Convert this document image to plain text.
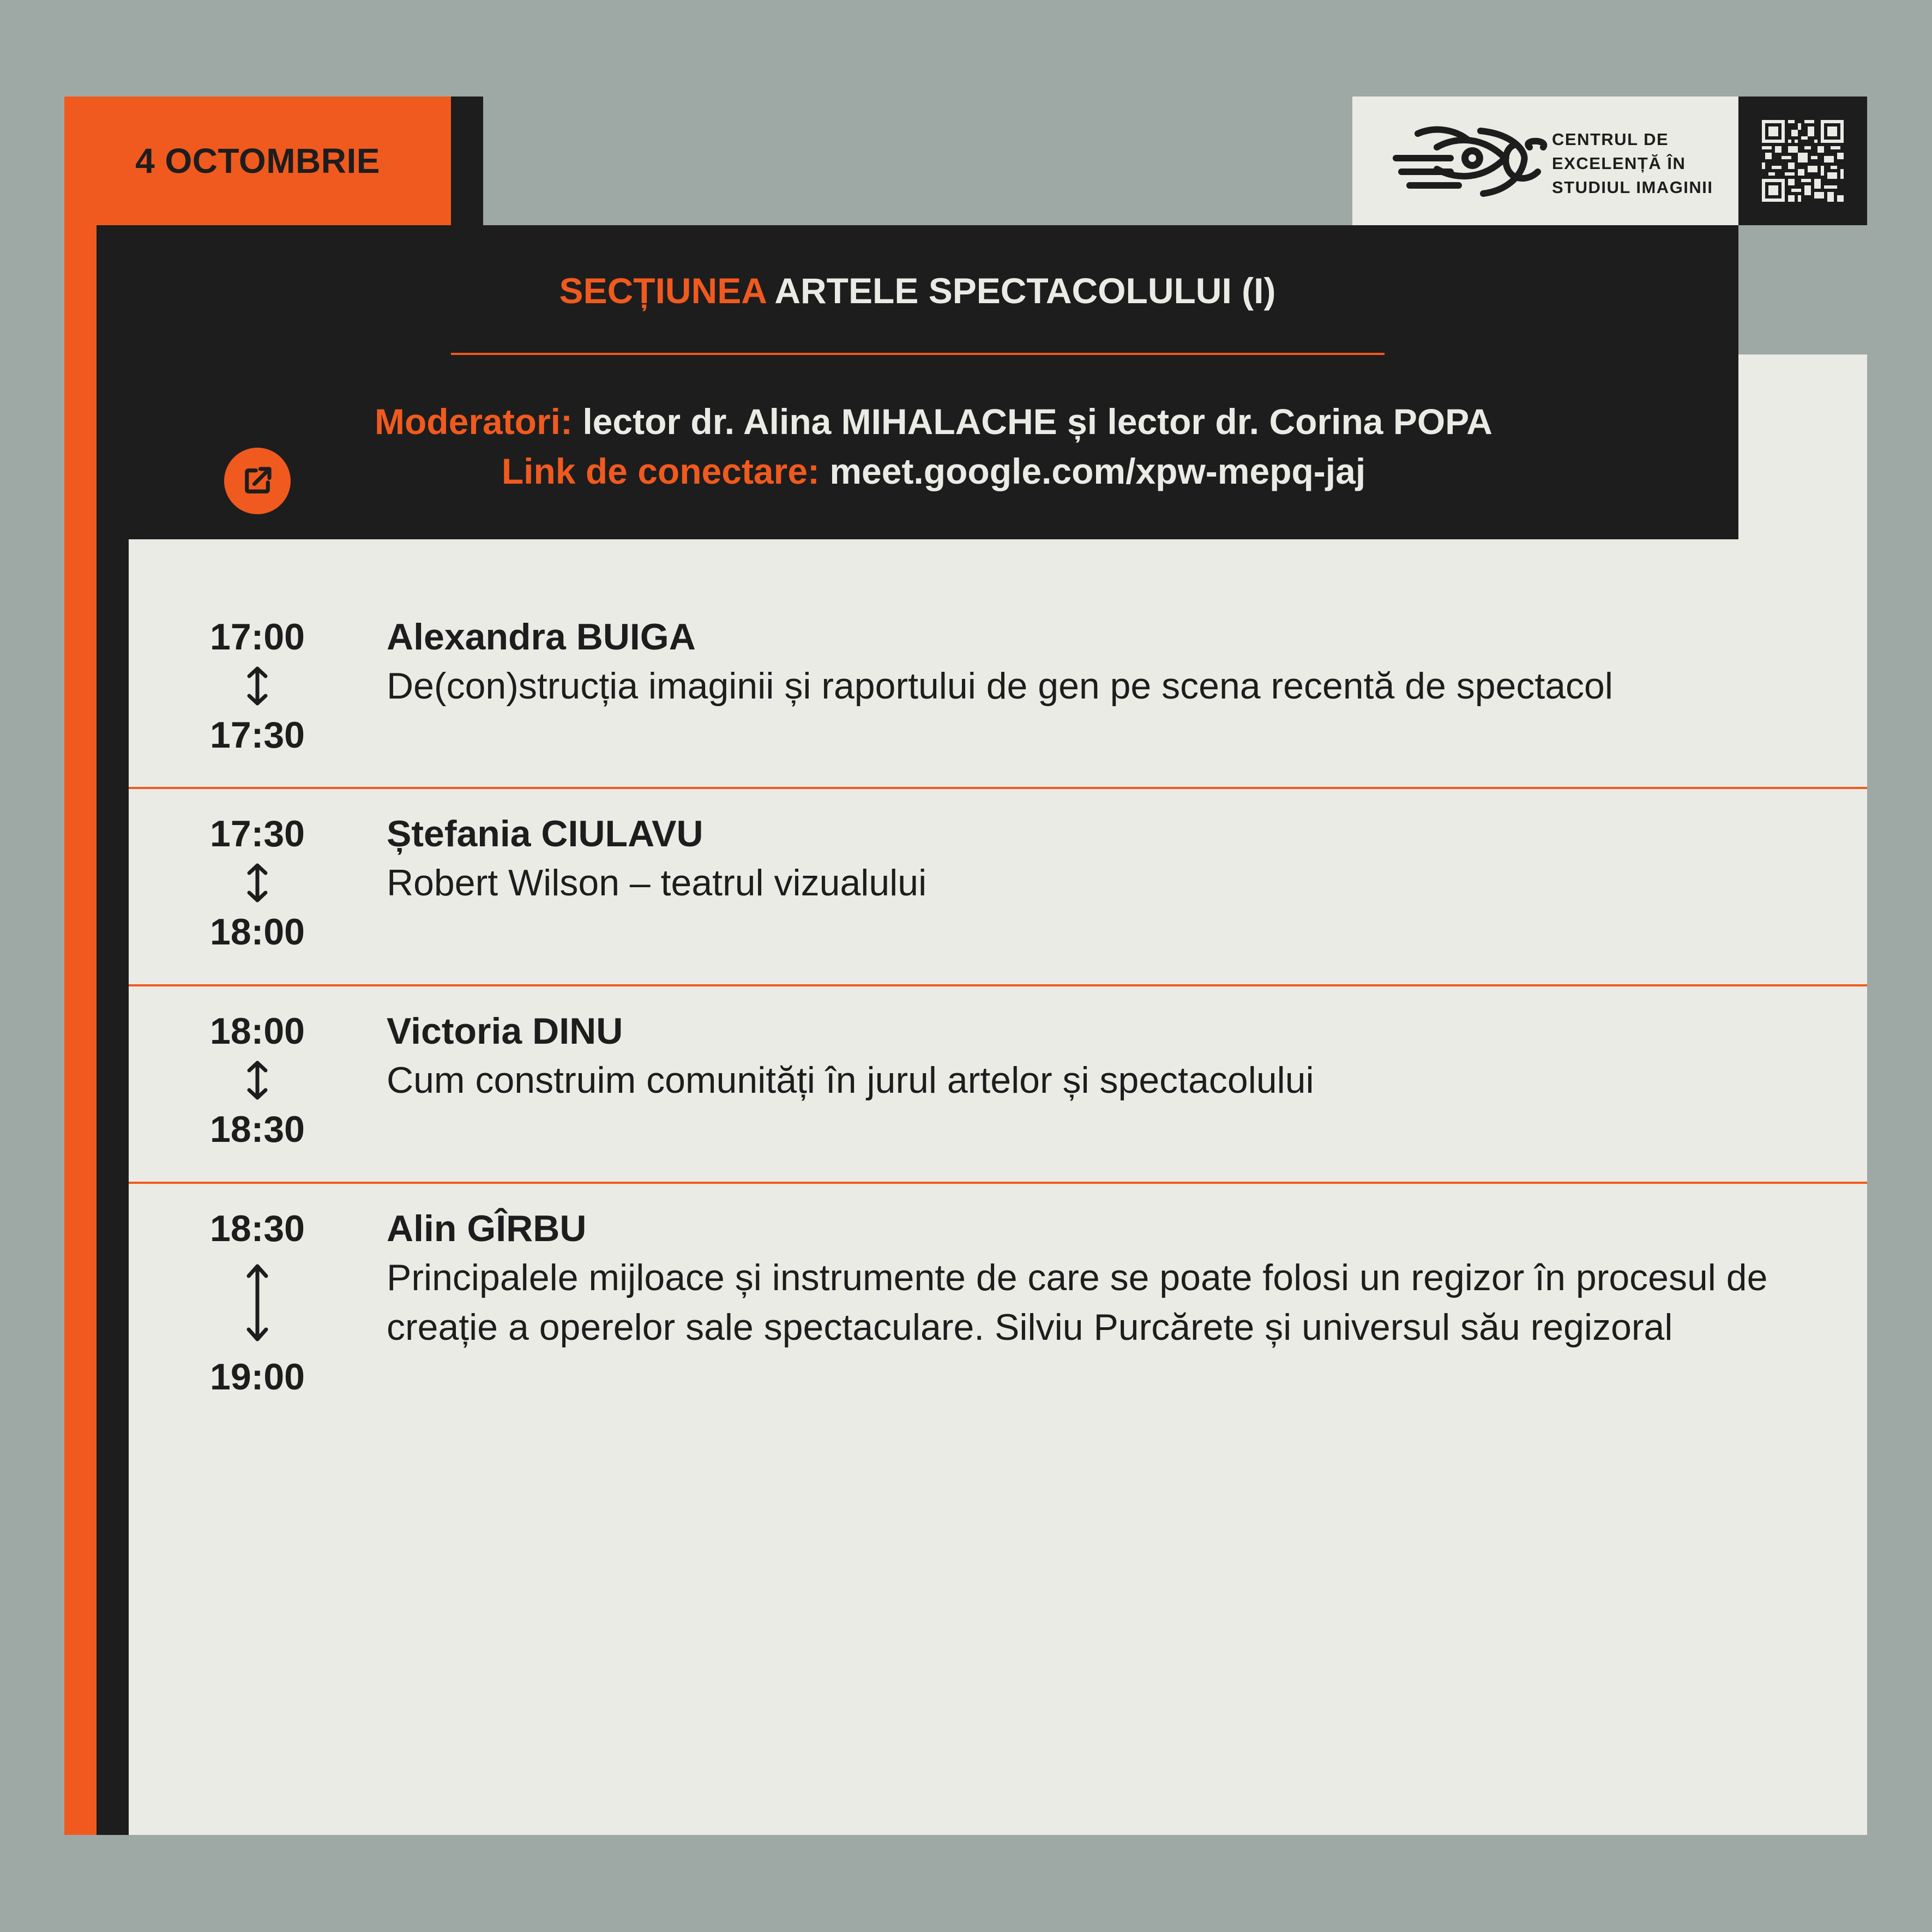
4 OCTOMBRIE
CENTRUL DE
EXCELENȚĂ ÎN
STUDIUL IMAGINII
SECȚIUNEA ARTELE SPECTACOLULUI (I)
Moderatori: lector dr. Alina MIHALACHE și lector dr. Corina POPA
Link de conectare: meet.google.com/xpw-mepq-jaj
17:00
17:30
Alexandra BUIGA
De(con)strucția imaginii și raportului de gen pe scena recentă de spectacol
17:30
18:00
Ștefania CIULAVU
Robert Wilson – teatrul vizualului
18:00
18:30
Victoria DINU
Cum construim comunități în jurul artelor și spectacolului
18:30
19:00
Alin GÎRBU
Principalele mijloace și instrumente de care se poate folosi un regizor în procesul de creație a operelor sale spectaculare. Silviu Purcărete și universul său regizoral
